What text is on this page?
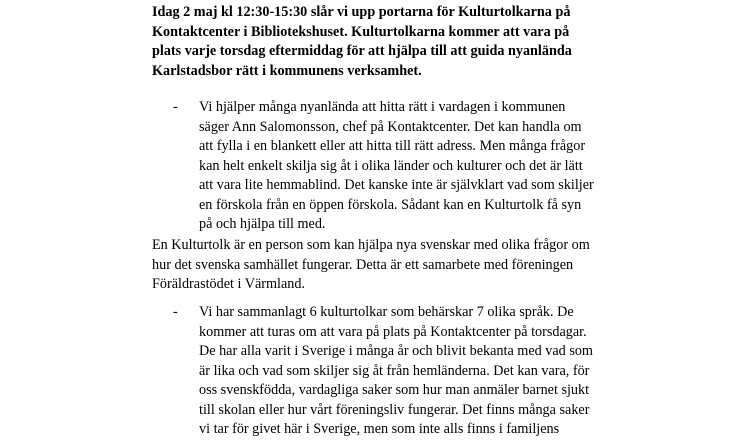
Idag 2 maj kl 12:30-15:30 slår vi upp portarna för Kulturtolkarna på
Kontaktcenter i Bibliotekshuset. Kulturtolkarna kommer att vara på
plats varje torsdag eftermiddag för att hjälpa till att guida nyanlända
Karlstadsbor rätt i kommunens verksamhet.
-	Vi hjälper många nyanlända att hitta rätt i vardagen i kommunen
säger Ann Salomonsson, chef på Kontaktcenter. Det kan handla om
att fylla i en blankett eller att hitta till rätt adress. Men många frågor
kan helt enkelt skilja sig åt i olika länder och kulturer och det är lätt
att vara lite hemmablind. Det kanske inte är självklart vad som skiljer
en förskola från en öppen förskola. Sådant kan en Kulturtolk få syn
på och hjälpa till med.
En Kulturtolk är en person som kan hjälpa nya svenskar med olika frågor om
hur det svenska samhället fungerar. Detta är ett samarbete med föreningen
Föräldrastödet i Värmland.
-	Vi har sammanlagt 6 kulturtolkar som behärskar 7 olika språk. De
kommer att turas om att vara på plats på Kontaktcenter på torsdagar.
De har alla varit i Sverige i många år och blivit bekanta med vad som
är lika och vad som skiljer sig åt från hemländerna. Det kan vara, för
oss svenskfödda, vardagliga saker som hur man anmäler barnet sjukt
till skolan eller hur vårt föreningsliv fungerar. Det finns många saker
vi tar för givet här i Sverige, men som inte alls finns i familjens
